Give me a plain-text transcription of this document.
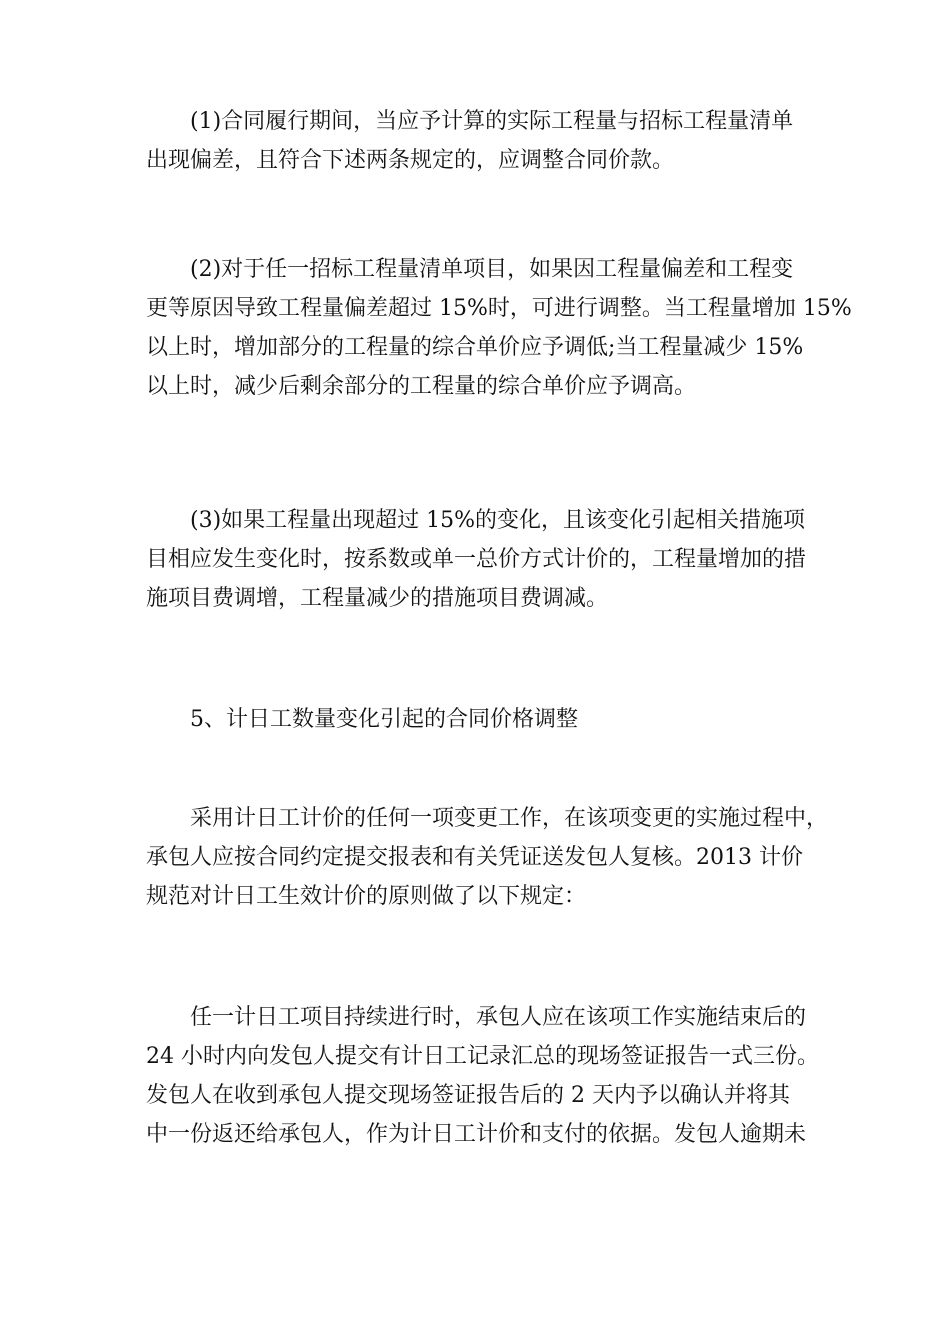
(1)合同履行期间，当应予计算的实际工程量与招标工程量清单
出现偏差，且符合下述两条规定的，应调整合同价款。

(2)对于任一招标工程量清单项目，如果因工程量偏差和工程变
更等原因导致工程量偏差超过 15%时，可进行调整。当工程量增加 15%
以上时，增加部分的工程量的综合单价应予调低;当工程量减少 15%
以上时，减少后剩余部分的工程量的综合单价应予调高。

(3)如果工程量出现超过 15%的变化，且该变化引起相关措施项
目相应发生变化时，按系数或单一总价方式计价的，工程量增加的措
施项目费调增，工程量减少的措施项目费调减。

5、计日工数量变化引起的合同价格调整

采用计日工计价的任何一项变更工作，在该项变更的实施过程中，
承包人应按合同约定提交报表和有关凭证送发包人复核。2013 计价
规范对计日工生效计价的原则做了以下规定：

任一计日工项目持续进行时，承包人应在该项工作实施结束后的
24 小时内向发包人提交有计日工记录汇总的现场签证报告一式三份。
发包人在收到承包人提交现场签证报告后的 2 天内予以确认并将其
中一份返还给承包人，作为计日工计价和支付的依据。发包人逾期未
